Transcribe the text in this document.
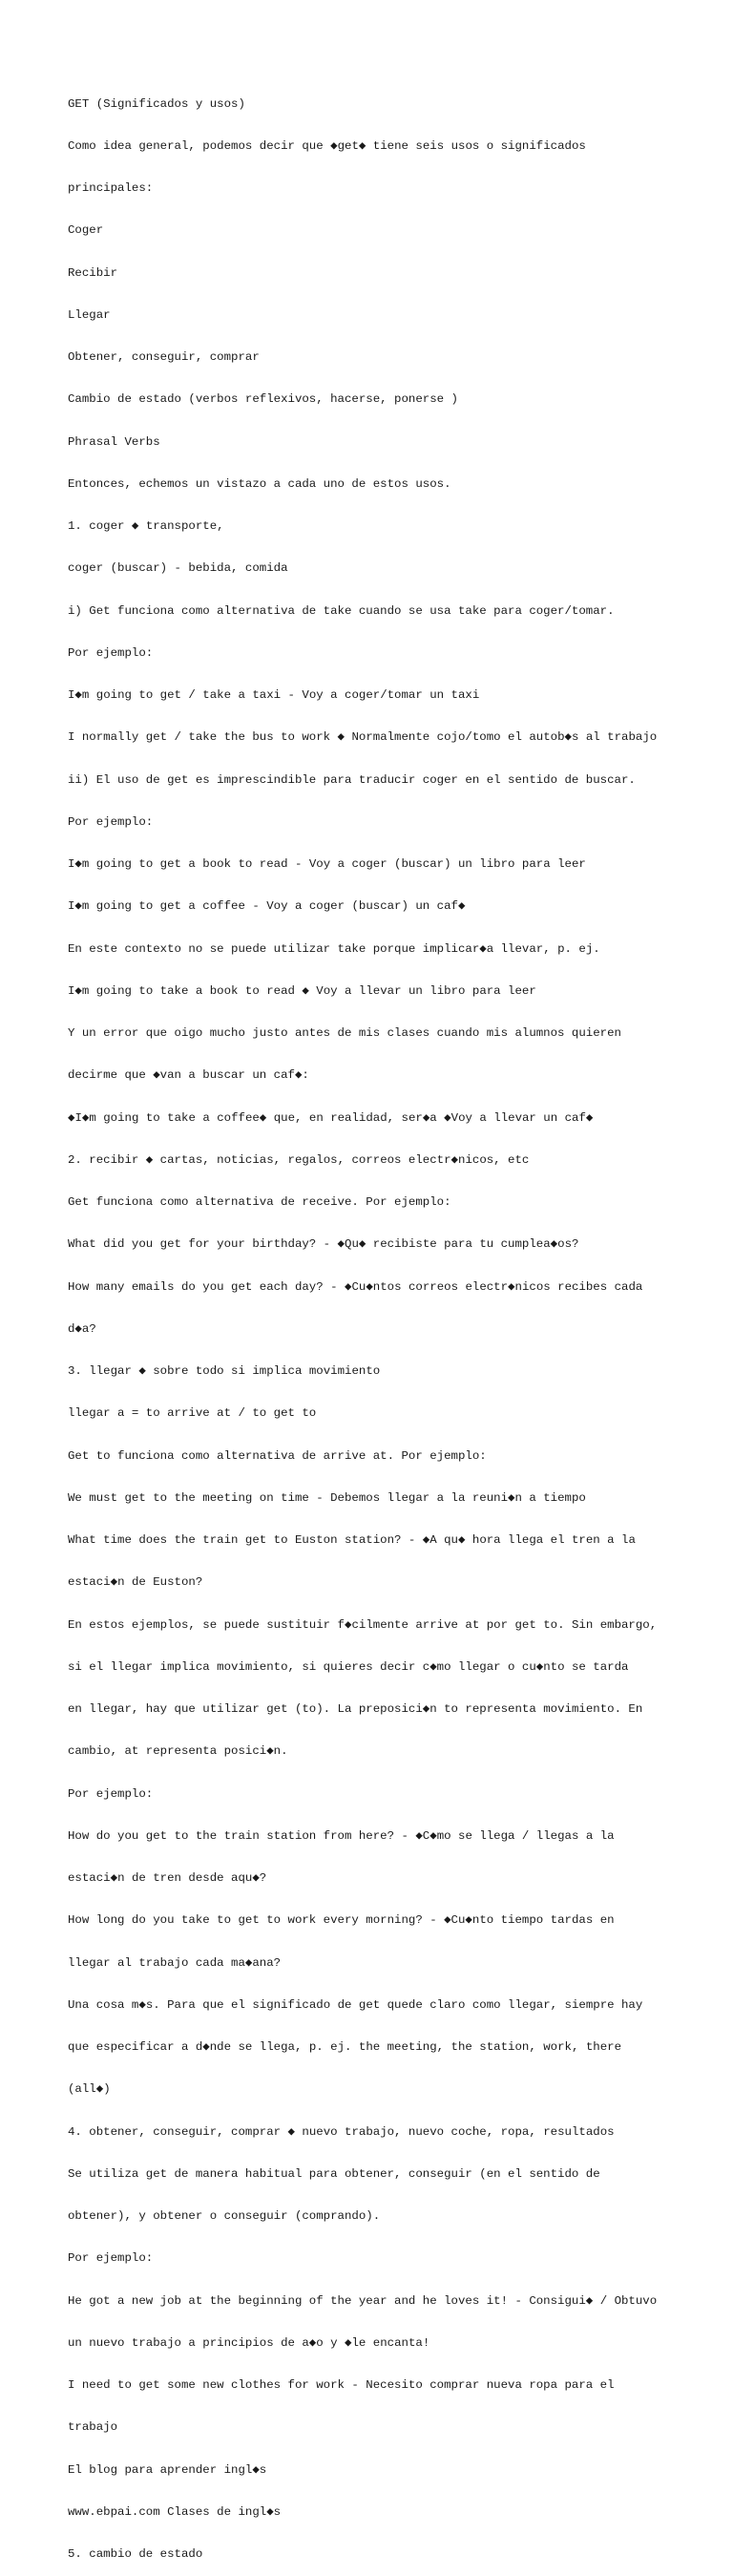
GET (Significados y usos)

Como idea general, podemos decir que ◆get◆ tiene seis usos o significados

principales:

Coger

Recibir

Llegar

Obtener, conseguir, comprar

Cambio de estado (verbos reflexivos, hacerse, ponerse )

Phrasal Verbs

Entonces, echemos un vistazo a cada uno de estos usos.

1. coger ◆ transporte,

coger (buscar) - bebida, comida

i) Get funciona como alternativa de take cuando se usa take para coger/tomar.

Por ejemplo:

I◆m going to get / take a taxi - Voy a coger/tomar un taxi

I normally get / take the bus to work ◆ Normalmente cojo/tomo el autob◆s al trabajo

ii) El uso de get es imprescindible para traducir coger en el sentido de buscar.

Por ejemplo:

I◆m going to get a book to read - Voy a coger (buscar) un libro para leer

I◆m going to get a coffee - Voy a coger (buscar) un caf◆

En este contexto no se puede utilizar take porque implicar◆a llevar, p. ej.

I◆m going to take a book to read ◆ Voy a llevar un libro para leer

Y un error que oigo mucho justo antes de mis clases cuando mis alumnos quieren

decirme que ◆van a buscar un caf◆:

◆I◆m going to take a coffee◆ que, en realidad, ser◆a ◆Voy a llevar un caf◆

2. recibir ◆ cartas, noticias, regalos, correos electr◆nicos, etc

Get funciona como alternativa de receive. Por ejemplo:

What did you get for your birthday? - ◆Qu◆ recibiste para tu cumplea◆os?

How many emails do you get each day? - ◆Cu◆ntos correos electr◆nicos recibes cada

d◆a?

3. llegar ◆ sobre todo si implica movimiento

llegar a = to arrive at / to get to

Get to funciona como alternativa de arrive at. Por ejemplo:

We must get to the meeting on time - Debemos llegar a la reuni◆n a tiempo

What time does the train get to Euston station? - ◆A qu◆ hora llega el tren a la

estaci◆n de Euston?

En estos ejemplos, se puede sustituir f◆cilmente arrive at por get to. Sin embargo,

si el llegar implica movimiento, si quieres decir c◆mo llegar o cu◆nto se tarda

en llegar, hay que utilizar get (to). La preposici◆n to representa movimiento. En

cambio, at representa posici◆n.

Por ejemplo:

How do you get to the train station from here? - ◆C◆mo se llega / llegas a la

estaci◆n de tren desde aqu◆?

How long do you take to get to work every morning? - ◆Cu◆nto tiempo tardas en

llegar al trabajo cada ma◆ana?

Una cosa m◆s. Para que el significado de get quede claro como llegar, siempre hay

que especificar a d◆nde se llega, p. ej. the meeting, the station, work, there

(all◆)

4. obtener, conseguir, comprar ◆ nuevo trabajo, nuevo coche, ropa, resultados

Se utiliza get de manera habitual para obtener, conseguir (en el sentido de

obtener), y obtener o conseguir (comprando).

Por ejemplo:

He got a new job at the beginning of the year and he loves it! - Consigui◆ / Obtuvo

un nuevo trabajo a principios de a◆o y ◆le encanta!

I need to get some new clothes for work - Necesito comprar nueva ropa para el

trabajo

El blog para aprender ingl◆s

www.ebpai.com Clases de ingl◆s

5. cambio de estado
